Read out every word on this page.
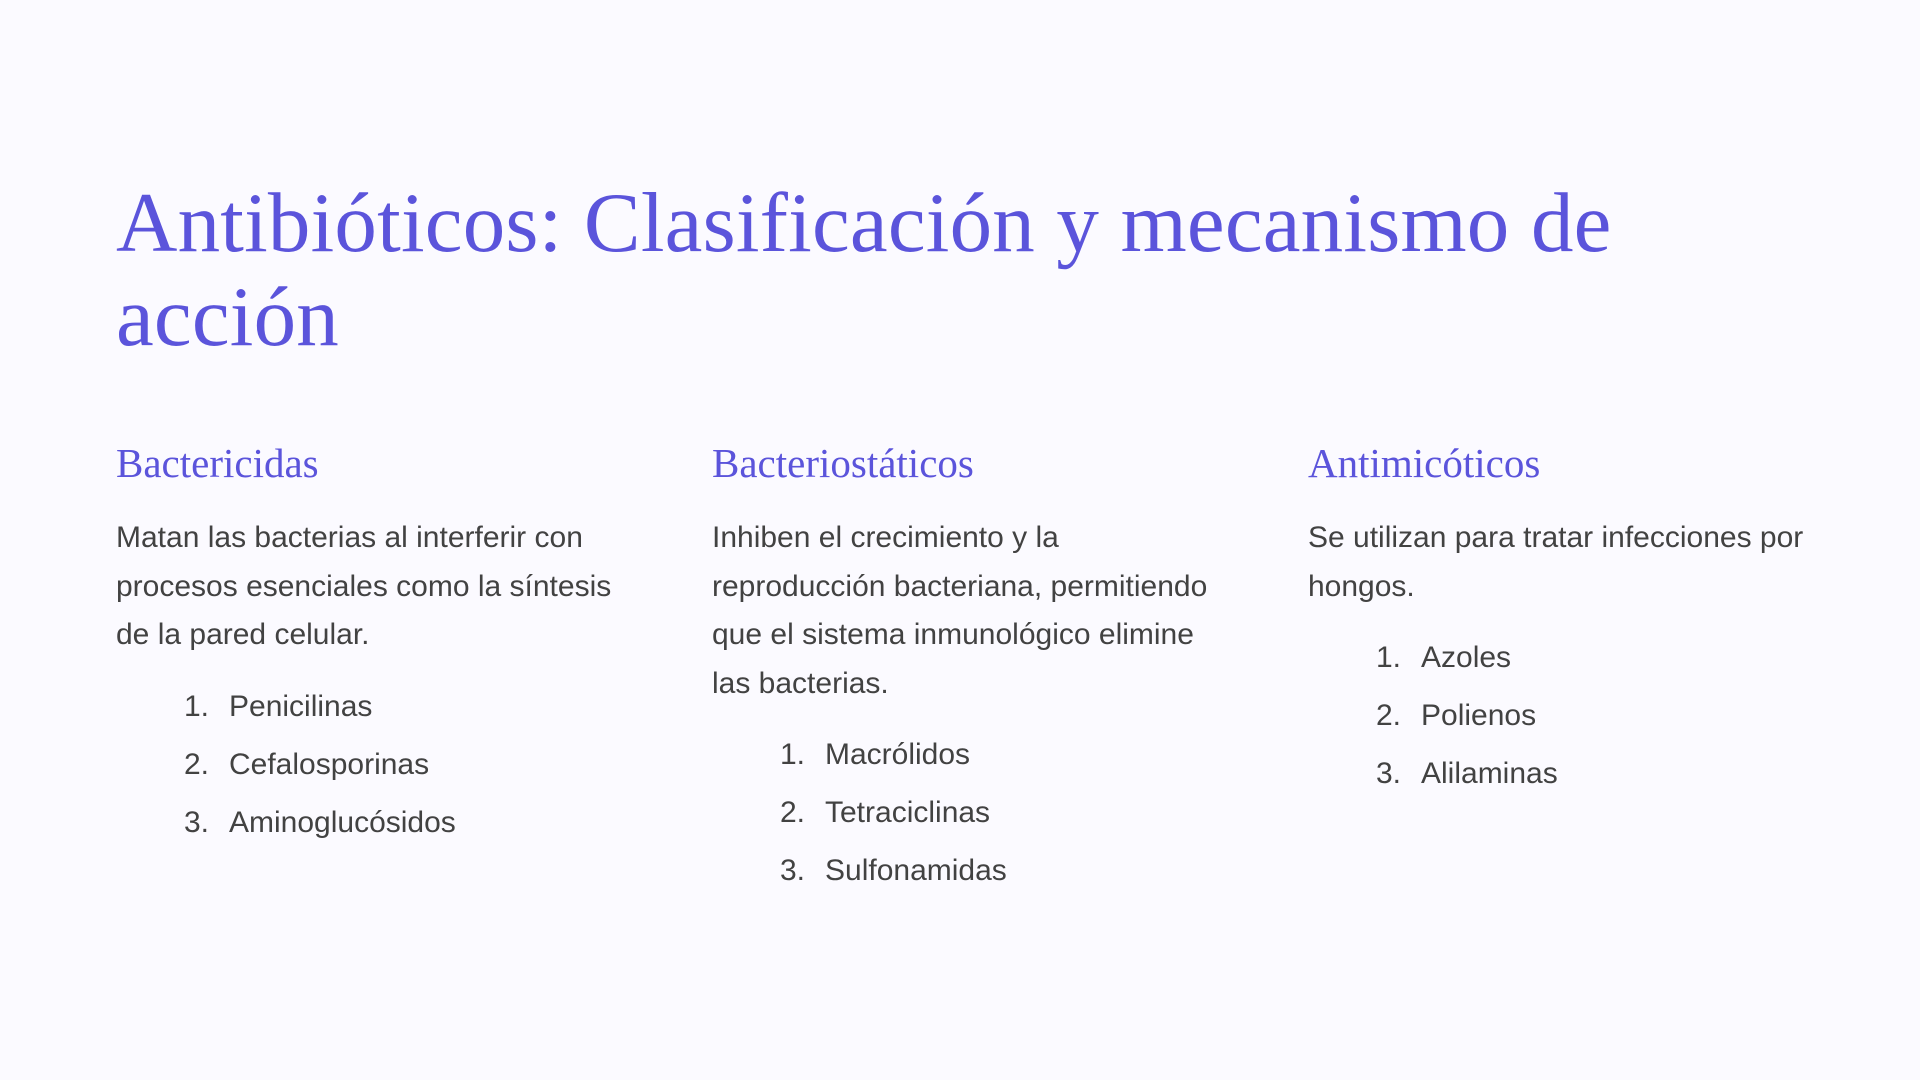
Antibióticos: Clasificación y mecanismo de acción
Bactericidas

Matan las bacterias al interferir con procesos esenciales como la síntesis de la pared celular.

1. Penicilinas
2. Cefalosporinas
3. Aminoglucósidos
Bacteriostáticos

Inhiben el crecimiento y la reproducción bacteriana, permitiendo que el sistema inmunológico elimine las bacterias.

1. Macrólidos
2. Tetraciclinas
3. Sulfonamidas
Antimicóticos

Se utilizan para tratar infecciones por hongos.

1. Azoles
2. Polienos
3. Alilaminas
